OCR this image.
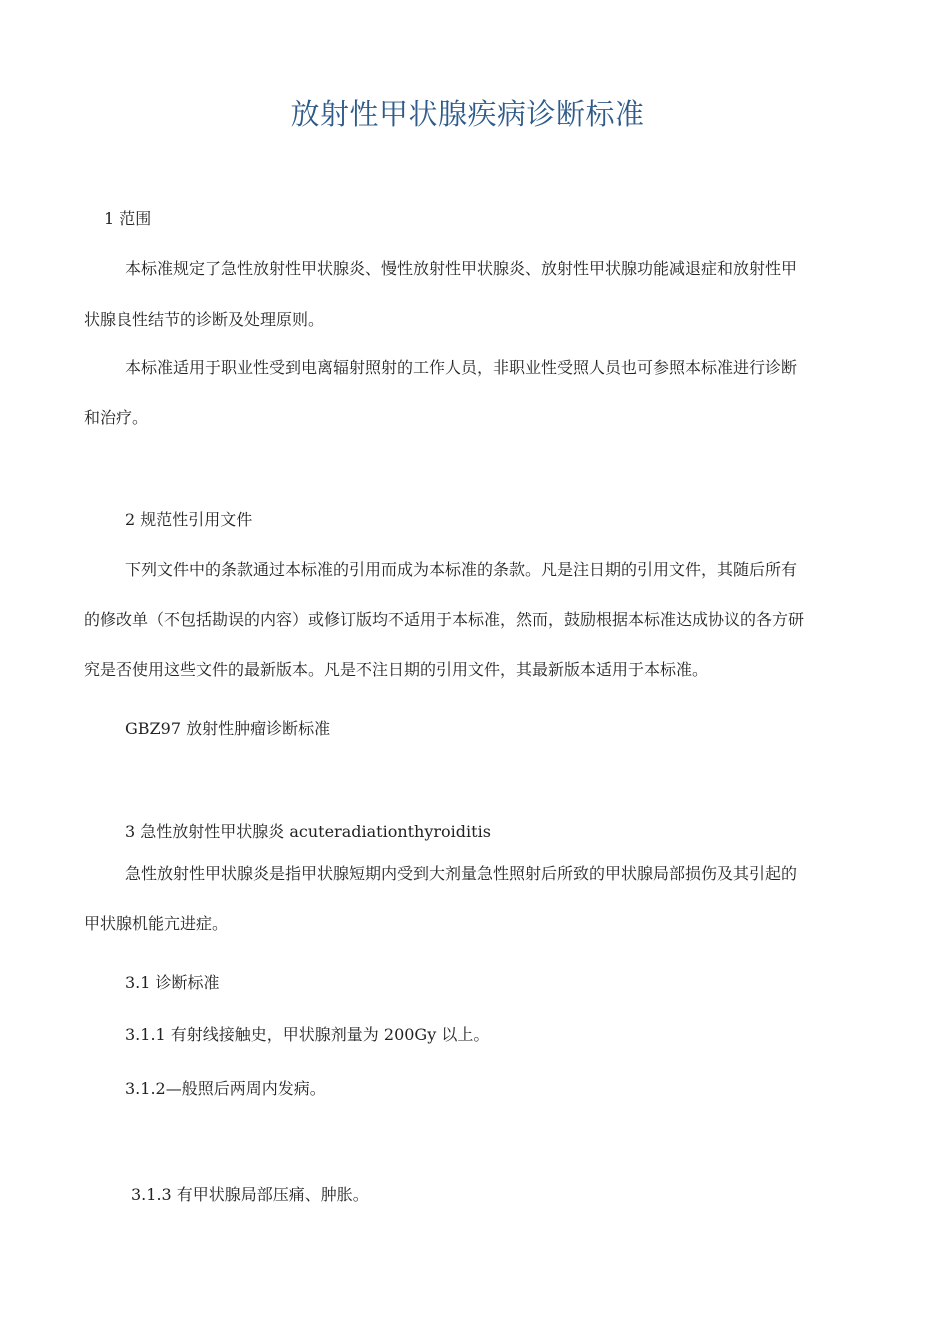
放射性甲状腺疾病诊断标准
1 范围
本标准规定了急性放射性甲状腺炎、慢性放射性甲状腺炎、放射性甲状腺功能减退症和放射性甲
状腺良性结节的诊断及处理原则。
本标准适用于职业性受到电离辐射照射的工作人员，非职业性受照人员也可参照本标准进行诊断
和治疗。
2 规范性引用文件
下列文件中的条款通过本标准的引用而成为本标准的条款。凡是注日期的引用文件，其随后所有
的修改单（不包括勘误的内容）或修订版均不适用于本标准，然而，鼓励根据本标准达成协议的各方研
究是否使用这些文件的最新版本。凡是不注日期的引用文件，其最新版本适用于本标准。
GBZ97 放射性肿瘤诊断标准
3 急性放射性甲状腺炎 acuteradiationthyroiditis
急性放射性甲状腺炎是指甲状腺短期内受到大剂量急性照射后所致的甲状腺局部损伤及其引起的
甲状腺机能亢进症。
3.1 诊断标准
3.1.1 有射线接触史，甲状腺剂量为 200Gy 以上。
3.1.2—般照后两周内发病。
3.1.3 有甲状腺局部压痛、肿胀。
